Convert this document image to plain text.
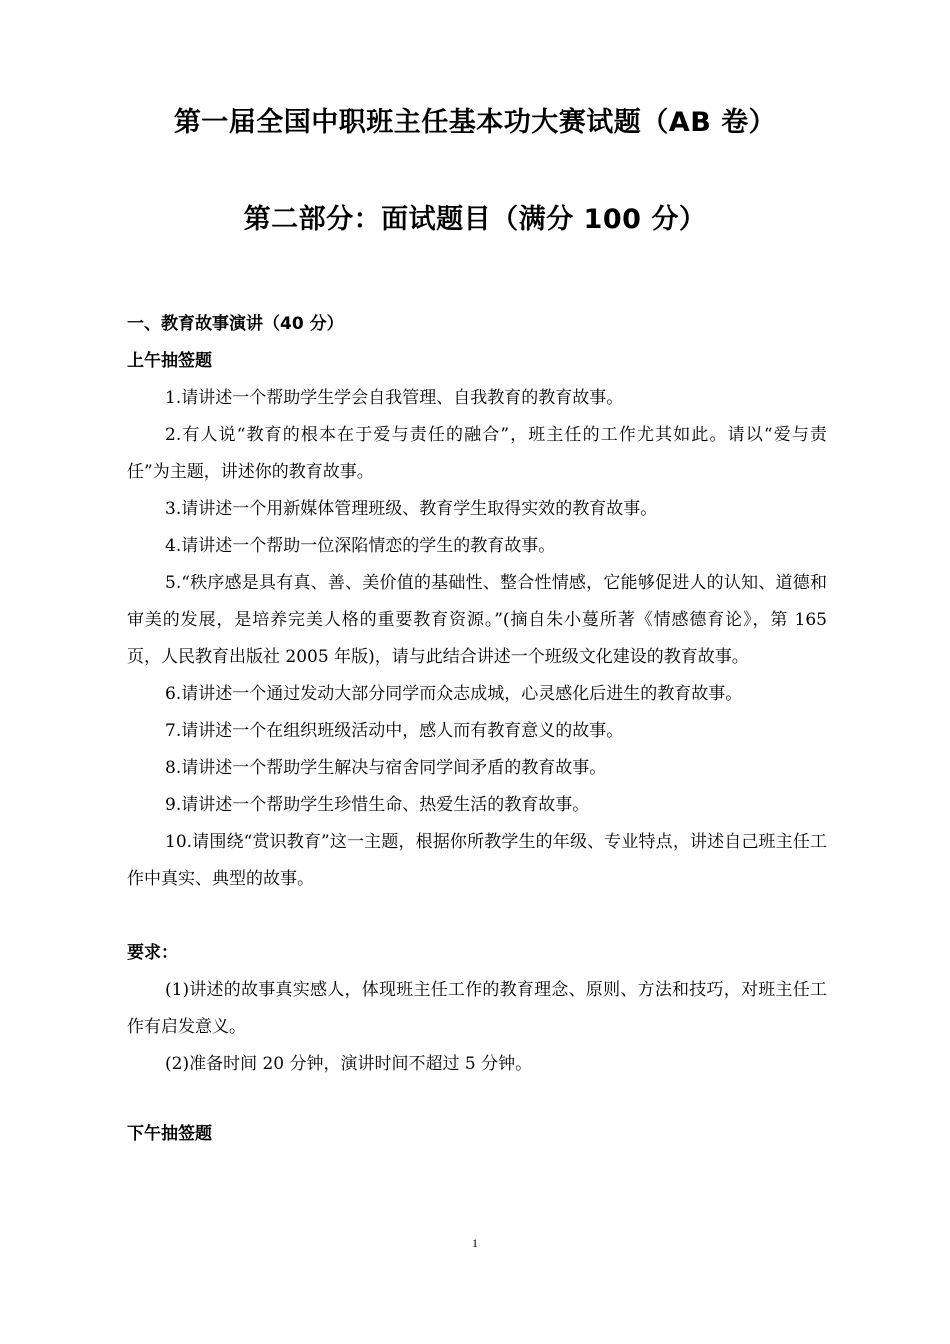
第一届全国中职班主任基本功大赛试题（AB 卷）
第二部分：面试题目（满分 100 分）
一、教育故事演讲（40 分）
上午抽签题
1.请讲述一个帮助学生学会自我管理、自我教育的教育故事。
2.有人说“教育的根本在于爱与责任的融合”，班主任的工作尤其如此。请以“爱与责任”为主题，讲述你的教育故事。
3.请讲述一个用新媒体管理班级、教育学生取得实效的教育故事。
4.请讲述一个帮助一位深陷情恋的学生的教育故事。
5.“秩序感是具有真、善、美价值的基础性、整合性情感，它能够促进人的认知、道德和审美的发展，是培养完美人格的重要教育资源。”(摘自朱小蔓所著《情感德育论》，第 165 页，人民教育出版社 2005 年版)，请与此结合讲述一个班级文化建设的教育故事。
6.请讲述一个通过发动大部分同学而众志成城，心灵感化后进生的教育故事。
7.请讲述一个在组织班级活动中，感人而有教育意义的故事。
8.请讲述一个帮助学生解决与宿舍同学间矛盾的教育故事。
9.请讲述一个帮助学生珍惜生命、热爱生活的教育故事。
10.请围绕“赏识教育”这一主题，根据你所教学生的年级、专业特点，讲述自己班主任工作中真实、典型的故事。
要求：
(1)讲述的故事真实感人，体现班主任工作的教育理念、原则、方法和技巧，对班主任工作有启发意义。
(2)准备时间 20 分钟，演讲时间不超过 5 分钟。
下午抽签题
1
